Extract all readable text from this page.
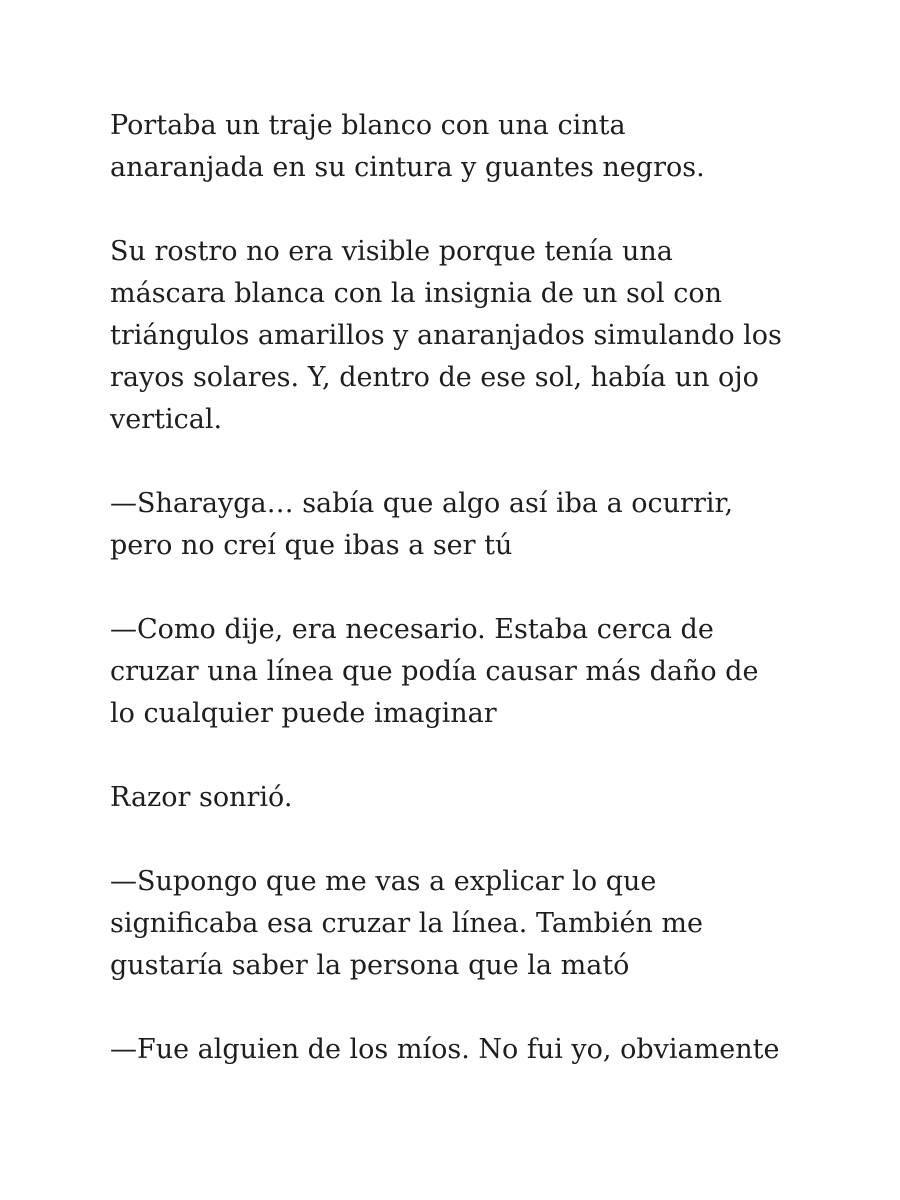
Portaba un traje blanco con una cinta
anaranjada en su cintura y guantes negros.

Su rostro no era visible porque tenía una
máscara blanca con la insignia de un sol con
triángulos amarillos y anaranjados simulando los
rayos solares. Y, dentro de ese sol, había un ojo
vertical.

—Sharayga… sabía que algo así iba a ocurrir,
pero no creí que ibas a ser tú

—Como dije, era necesario. Estaba cerca de
cruzar una línea que podía causar más daño de
lo cualquier puede imaginar

Razor sonrió.

—Supongo que me vas a explicar lo que
significaba esa cruzar la línea. También me
gustaría saber la persona que la mató

—Fue alguien de los míos. No fui yo, obviamente
